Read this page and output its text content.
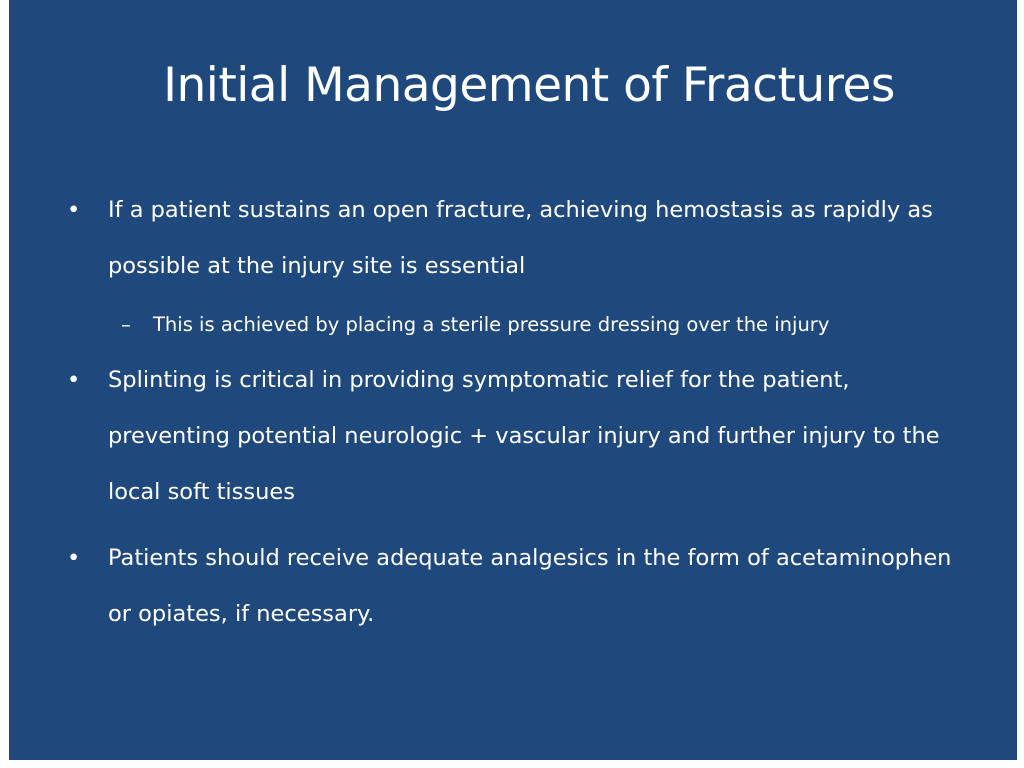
Initial Management of Fractures

• If a patient sustains an open fracture, achieving hemostasis as rapidly as possible at the injury site is essential

– This is achieved by placing a sterile pressure dressing over the injury

• Splinting is critical in providing symptomatic relief for the patient, preventing potential neurologic + vascular injury and further injury to the local soft tissues

• Patients should receive adequate analgesics in the form of acetaminophen or opiates, if necessary.
